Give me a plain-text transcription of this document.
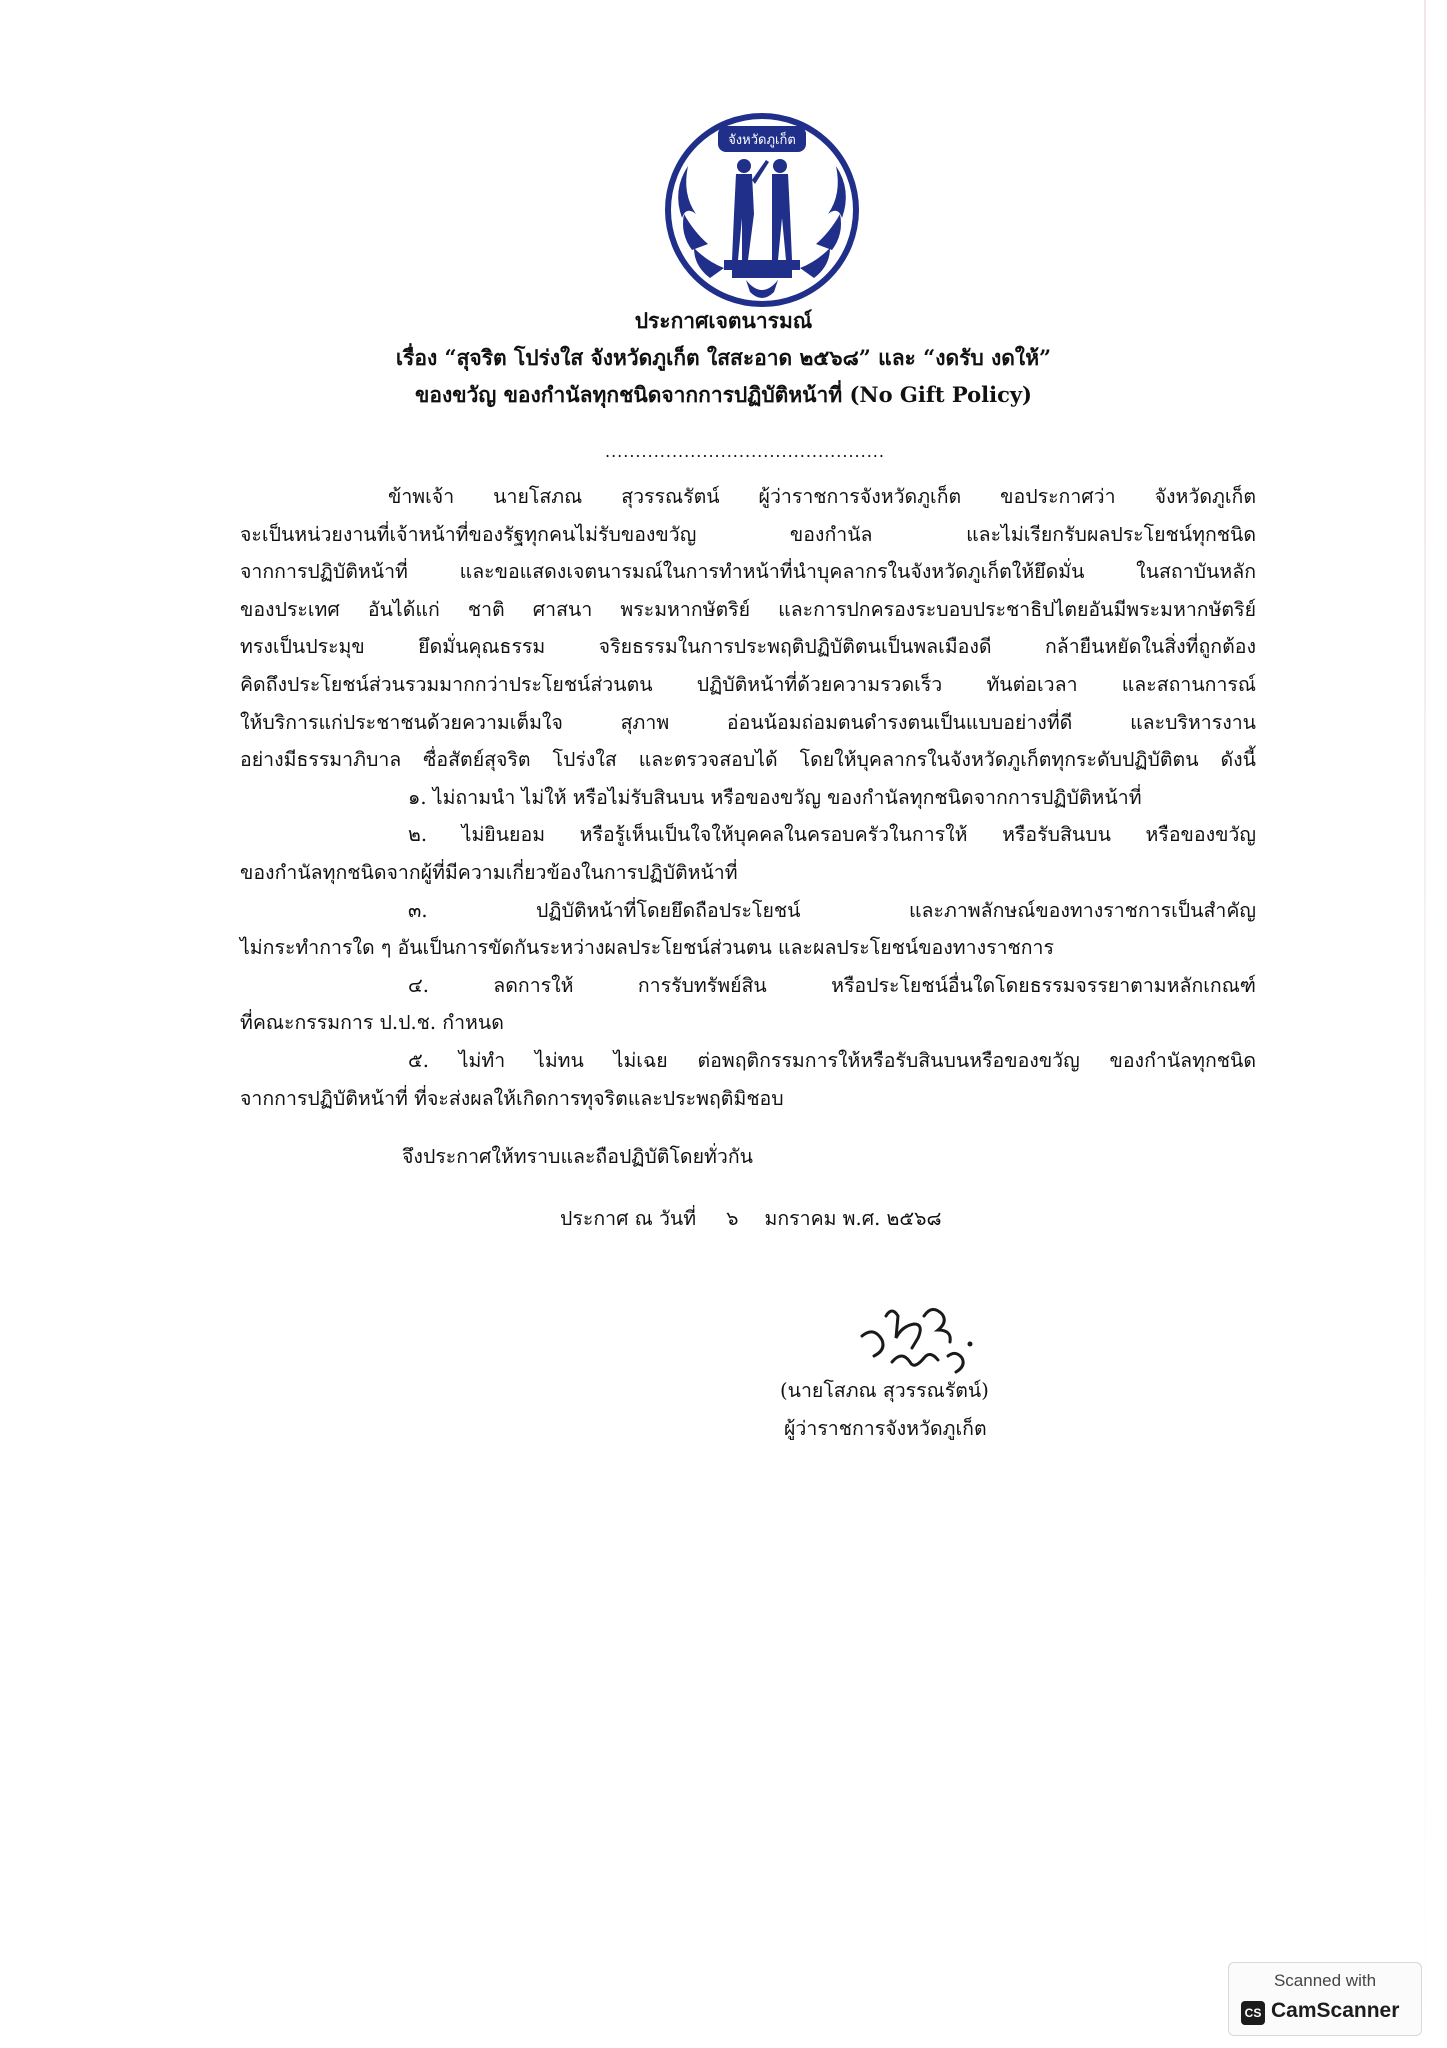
จังหวัดภูเก็ต
ประกาศเจตนารมณ์
เรื่อง “สุจริต โปร่งใส จังหวัดภูเก็ต ใสสะอาด ๒๕๖๘” และ “งดรับ งดให้”
ของขวัญ ของกำนัลทุกชนิดจากการปฏิบัติหน้าที่ (No Gift Policy)
..............................................
ข้าพเจ้า นายโสภณ สุวรรณรัตน์ ผู้ว่าราชการจังหวัดภูเก็ต ขอประกาศว่า จังหวัดภูเก็ต
จะเป็นหน่วยงานที่เจ้าหน้าที่ของรัฐทุกคนไม่รับของขวัญ ของกำนัล และไม่เรียกรับผลประโยชน์ทุกชนิด
จากการปฏิบัติหน้าที่ และขอแสดงเจตนารมณ์ในการทำหน้าที่นำบุคลากรในจังหวัดภูเก็ตให้ยึดมั่น ในสถาบันหลัก
ของประเทศ อันได้แก่ ชาติ ศาสนา พระมหากษัตริย์ และการปกครองระบอบประชาธิปไตยอันมีพระมหากษัตริย์
ทรงเป็นประมุข ยึดมั่นคุณธรรม จริยธรรมในการประพฤติปฏิบัติตนเป็นพลเมืองดี กล้ายืนหยัดในสิ่งที่ถูกต้อง
คิดถึงประโยชน์ส่วนรวมมากกว่าประโยชน์ส่วนตน ปฏิบัติหน้าที่ด้วยความรวดเร็ว ทันต่อเวลา และสถานการณ์
ให้บริการแก่ประชาชนด้วยความเต็มใจ สุภาพ อ่อนน้อมถ่อมตนดำรงตนเป็นแบบอย่างที่ดี และบริหารงาน
อย่างมีธรรมาภิบาล ซื่อสัตย์สุจริต โปร่งใส และตรวจสอบได้ โดยให้บุคลากรในจังหวัดภูเก็ตทุกระดับปฏิบัติตน ดังนี้
๑. ไม่ถามนำ ไม่ให้ หรือไม่รับสินบน หรือของขวัญ ของกำนัลทุกชนิดจากการปฏิบัติหน้าที่
๒. ไม่ยินยอม หรือรู้เห็นเป็นใจให้บุคคลในครอบครัวในการให้ หรือรับสินบน หรือของขวัญ
ของกำนัลทุกชนิดจากผู้ที่มีความเกี่ยวข้องในการปฏิบัติหน้าที่
๓. ปฏิบัติหน้าที่โดยยึดถือประโยชน์ และภาพลักษณ์ของทางราชการเป็นสำคัญ
ไม่กระทำการใด ๆ อันเป็นการขัดกันระหว่างผลประโยชน์ส่วนตน และผลประโยชน์ของทางราชการ
๔. ลดการให้ การรับทรัพย์สิน หรือประโยชน์อื่นใดโดยธรรมจรรยาตามหลักเกณฑ์
ที่คณะกรรมการ ป.ป.ช. กำหนด
๕. ไม่ทำ ไม่ทน ไม่เฉย ต่อพฤติกรรมการให้หรือรับสินบนหรือของขวัญ ของกำนัลทุกชนิด
จากการปฏิบัติหน้าที่ ที่จะส่งผลให้เกิดการทุจริตและประพฤติมิชอบ
จึงประกาศให้ทราบและถือปฏิบัติโดยทั่วกัน
ประกาศ ณ วันที่ ๖ มกราคม พ.ศ. ๒๕๖๘
(นายโสภณ สุวรรณรัตน์)
ผู้ว่าราชการจังหวัดภูเก็ต
Scanned with
CS CamScanner
